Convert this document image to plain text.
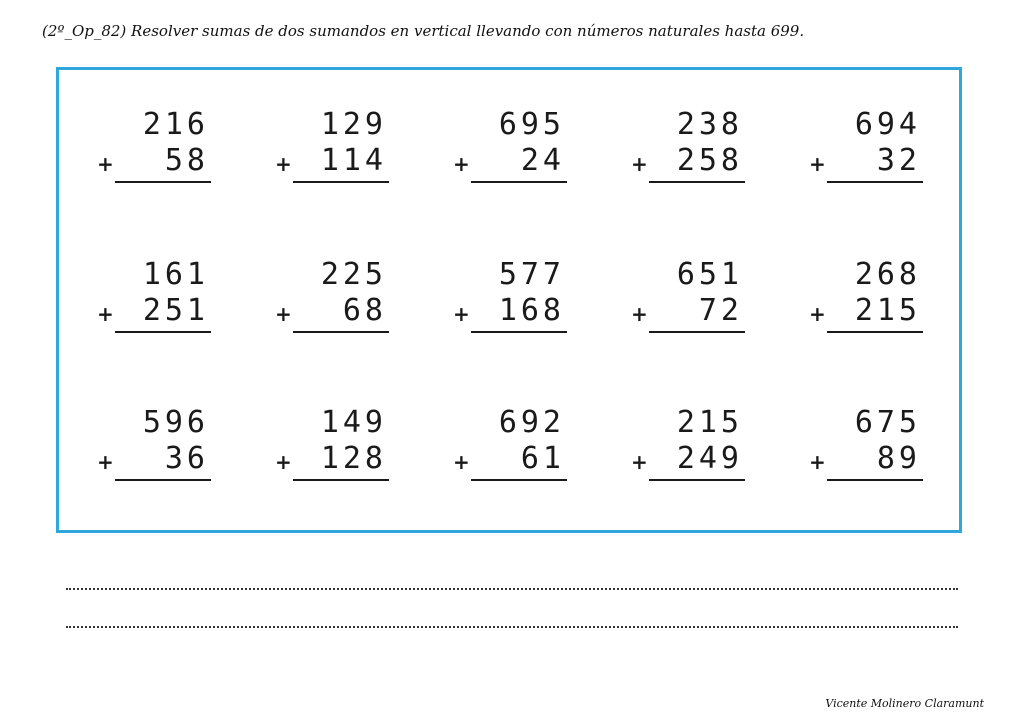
(2º_Op_82) Resolver sumas de dos sumandos en vertical llevando con números naturales hasta 699.
216
58
+
129
114
+
695
24
+
238
258
+
694
32
+
161
251
+
225
68
+
577
168
+
651
72
+
268
215
+
596
36
+
149
128
+
692
61
+
215
249
+
675
89
+
Vicente Molinero Claramunt
